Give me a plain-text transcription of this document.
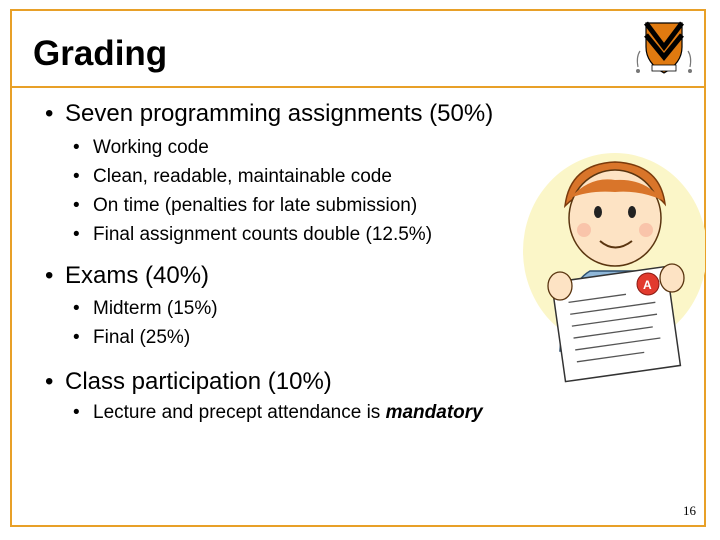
Grading
• Seven programming assignments (50%)
• Working code
• Clean, readable, maintainable code
• On time (penalties for late submission)
• Final assignment counts double (12.5%)
• Exams (40%)
• Midterm (15%)
• Final (25%)
• Class participation (10%)
• Lecture and precept attendance is mandatory
A
16
